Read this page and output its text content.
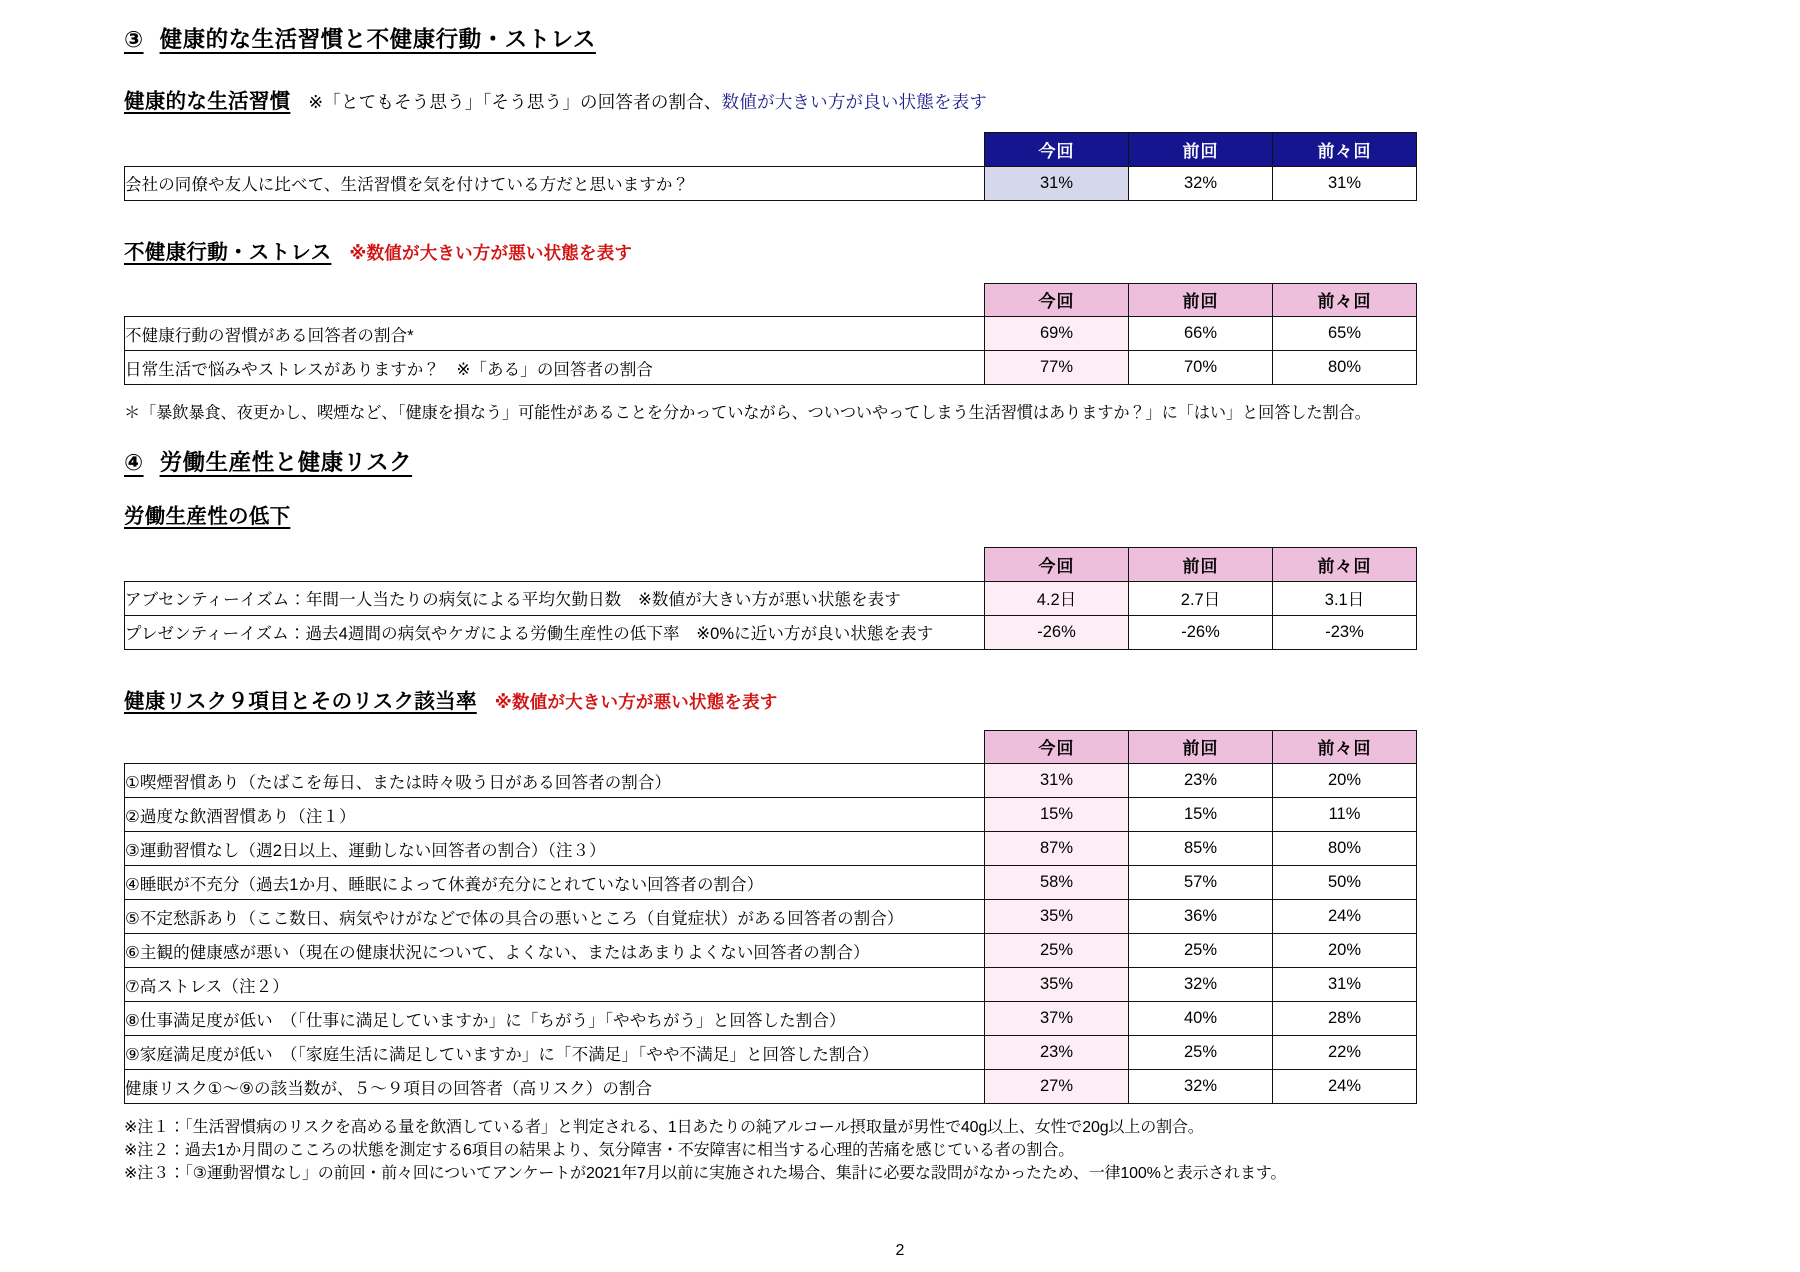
③ 健康的な生活習慣と不健康行動・ストレス
健康的な生活習慣 ※「とてもそう思う」「そう思う」の回答者の割合、数値が大きい方が良い状態を表す
	今回	前回	前々回
会社の同僚や友人に比べて、生活習慣を気を付けている方だと思いますか？	31%	32%	31%
不健康行動・ストレス ※数値が大きい方が悪い状態を表す
	今回	前回	前々回
不健康行動の習慣がある回答者の割合*	69%	66%	65%
日常生活で悩みやストレスがありますか？　※「ある」の回答者の割合	77%	70%	80%
＊「暴飲暴食、夜更かし、喫煙など、「健康を損なう」可能性があることを分かっていながら、ついついやってしまう生活習慣はありますか？」に「はい」と回答した割合。
④ 労働生産性と健康リスク
労働生産性の低下
	今回	前回	前々回
アブセンティーイズム：年間一人当たりの病気による平均欠勤日数　※数値が大きい方が悪い状態を表す	4.2日	2.7日	3.1日
プレゼンティーイズム：過去4週間の病気やケガによる労働生産性の低下率　※0%に近い方が良い状態を表す	-26%	-26%	-23%
健康リスク９項目とそのリスク該当率 ※数値が大きい方が悪い状態を表す
	今回	前回	前々回
①喫煙習慣あり（たばこを毎日、または時々吸う日がある回答者の割合）	31%	23%	20%
②過度な飲酒習慣あり（注１）	15%	15%	11%
③運動習慣なし（週2日以上、運動しない回答者の割合）（注３）	87%	85%	80%
④睡眠が不充分（過去1か月、睡眠によって休養が充分にとれていない回答者の割合）	58%	57%	50%
⑤不定愁訴あり（ここ数日、病気やけがなどで体の具合の悪いところ（自覚症状）がある回答者の割合）	35%	36%	24%
⑥主観的健康感が悪い（現在の健康状況について、よくない、またはあまりよくない回答者の割合）	25%	25%	20%
⑦高ストレス（注２）	35%	32%	31%
⑧仕事満足度が低い　（「仕事に満足していますか」に「ちがう」「ややちがう」と回答した割合）	37%	40%	28%
⑨家庭満足度が低い　（「家庭生活に満足していますか」に「不満足」「やや不満足」と回答した割合）	23%	25%	22%
健康リスク①～⑨の該当数が、５～９項目の回答者（高リスク）の割合	27%	32%	24%
※注１：「生活習慣病のリスクを高める量を飲酒している者」と判定される、1日あたりの純アルコール摂取量が男性で40g以上、女性で20g以上の割合。
※注２：過去1か月間のこころの状態を測定する6項目の結果より、気分障害・不安障害に相当する心理的苦痛を感じている者の割合。
※注３：「③運動習慣なし」の前回・前々回についてアンケートが2021年7月以前に実施された場合、集計に必要な設問がなかったため、一律100%と表示されます。
2
